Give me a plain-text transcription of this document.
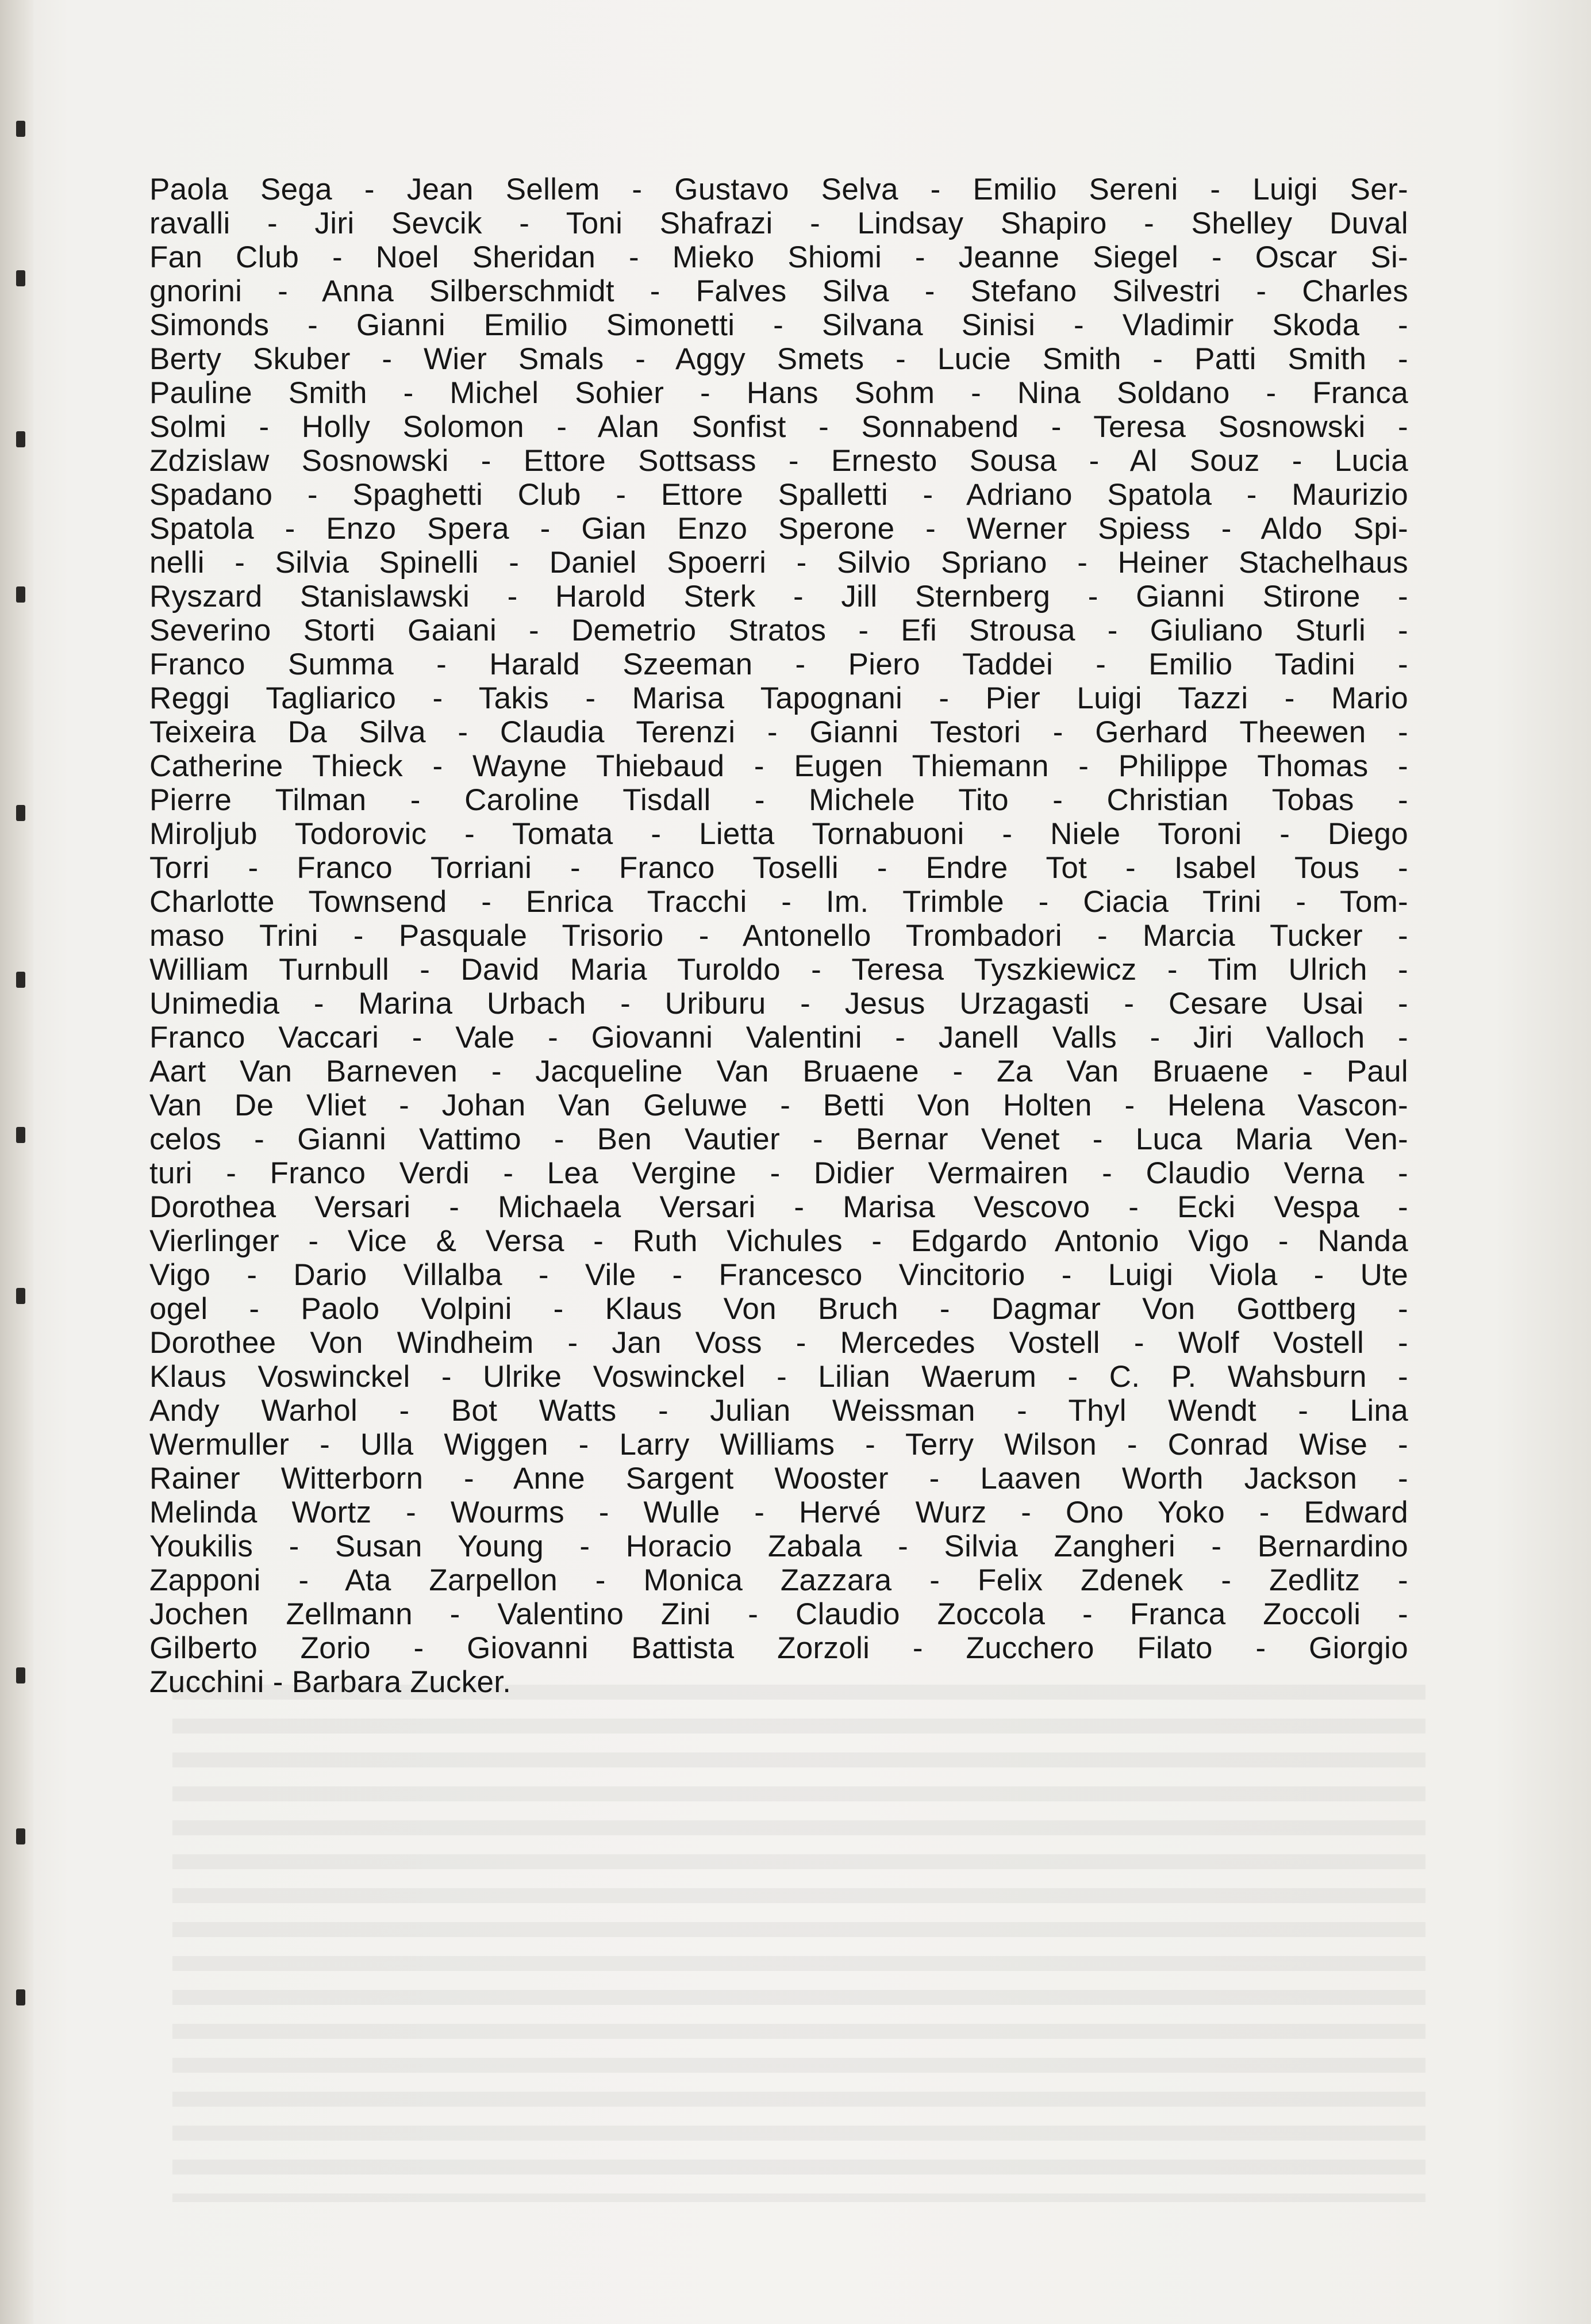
Paola Sega - Jean Sellem - Gustavo Selva - Emilio Sereni - Luigi Ser-
ravalli - Jiri Sevcik - Toni Shafrazi - Lindsay Shapiro - Shelley Duval
Fan Club - Noel Sheridan - Mieko Shiomi - Jeanne Siegel - Oscar Si-
gnorini - Anna Silberschmidt - Falves Silva - Stefano Silvestri - Charles
Simonds - Gianni Emilio Simonetti - Silvana Sinisi - Vladimir Skoda -
Berty Skuber - Wier Smals - Aggy Smets - Lucie Smith - Patti Smith -
Pauline Smith - Michel Sohier - Hans Sohm - Nina Soldano - Franca
Solmi - Holly Solomon - Alan Sonfist - Sonnabend - Teresa Sosnowski -
Zdzislaw Sosnowski - Ettore Sottsass - Ernesto Sousa - Al Souz - Lucia
Spadano - Spaghetti Club - Ettore Spalletti - Adriano Spatola - Maurizio
Spatola - Enzo Spera - Gian Enzo Sperone - Werner Spiess - Aldo Spi-
nelli - Silvia Spinelli - Daniel Spoerri - Silvio Spriano - Heiner Stachelhaus
Ryszard Stanislawski - Harold Sterk - Jill Sternberg - Gianni Stirone -
Severino Storti Gaiani - Demetrio Stratos - Efi Strousa - Giuliano Sturli -
Franco Summa - Harald Szeeman - Piero Taddei - Emilio Tadini -
Reggi Tagliarico - Takis - Marisa Tapognani - Pier Luigi Tazzi - Mario
Teixeira Da Silva - Claudia Terenzi - Gianni Testori - Gerhard Theewen -
Catherine Thieck - Wayne Thiebaud - Eugen Thiemann - Philippe Thomas -
Pierre Tilman - Caroline Tisdall - Michele Tito - Christian Tobas -
Miroljub Todorovic - Tomata - Lietta Tornabuoni - Niele Toroni - Diego
Torri - Franco Torriani - Franco Toselli - Endre Tot - Isabel Tous -
Charlotte Townsend - Enrica Tracchi - Im. Trimble - Ciacia Trini - Tom-
maso Trini - Pasquale Trisorio - Antonello Trombadori - Marcia Tucker -
William Turnbull - David Maria Turoldo - Teresa Tyszkiewicz - Tim Ulrich -
Unimedia - Marina Urbach - Uriburu - Jesus Urzagasti - Cesare Usai -
Franco Vaccari - Vale - Giovanni Valentini - Janell Valls - Jiri Valloch -
Aart Van Barneven - Jacqueline Van Bruaene - Za Van Bruaene - Paul
Van De Vliet - Johan Van Geluwe - Betti Von Holten - Helena Vascon-
celos - Gianni Vattimo - Ben Vautier - Bernar Venet - Luca Maria Ven-
turi - Franco Verdi - Lea Vergine - Didier Vermairen - Claudio Verna -
Dorothea Versari - Michaela Versari - Marisa Vescovo - Ecki Vespa -
Vierlinger - Vice & Versa - Ruth Vichules - Edgardo Antonio Vigo - Nanda
Vigo - Dario Villalba - Vile - Francesco Vincitorio - Luigi Viola - Ute
ogel - Paolo Volpini - Klaus Von Bruch - Dagmar Von Gottberg -
Dorothee Von Windheim - Jan Voss - Mercedes Vostell - Wolf Vostell -
Klaus Voswinckel - Ulrike Voswinckel - Lilian Waerum - C. P. Wahsburn -
Andy Warhol - Bot Watts - Julian Weissman - Thyl Wendt - Lina
Wermuller - Ulla Wiggen - Larry Williams - Terry Wilson - Conrad Wise -
Rainer Witterborn - Anne Sargent Wooster - Laaven Worth Jackson -
Melinda Wortz - Wourms - Wulle - Hervé Wurz - Ono Yoko - Edward
Youkilis - Susan Young - Horacio Zabala - Silvia Zangheri - Bernardino
Zapponi - Ata Zarpellon - Monica Zazzara - Felix Zdenek - Zedlitz -
Jochen Zellmann - Valentino Zini - Claudio Zoccola - Franca Zoccoli -
Gilberto Zorio - Giovanni Battista Zorzoli - Zucchero Filato - Giorgio
Zucchini - Barbara Zucker.
